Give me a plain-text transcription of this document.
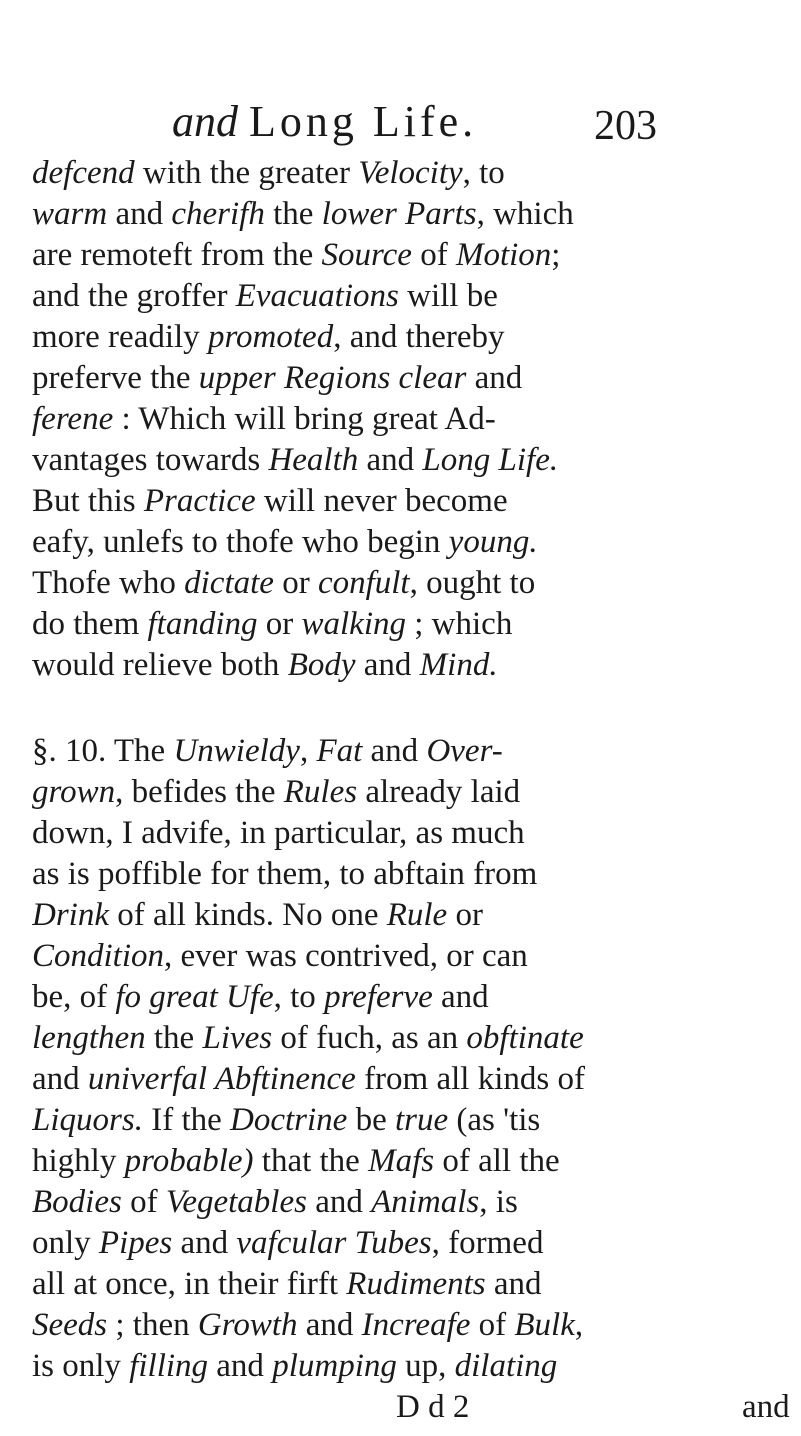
and Long Life.	203
defcend with the greater Velocity, to
warm and cherifh the lower Parts, which
are remoteft from the Source of Motion;
and the groffer Evacuations will be
more readily promoted, and thereby
preferve the upper Regions clear and
ferene : Which will bring great Ad-
vantages towards Health and Long Life.
But this Practice will never become
eafy, unlefs to thofe who begin young.
Thofe who dictate or confult, ought to
do them ftanding or walking ; which
would relieve both Body and Mind.
§. 10. The Unwieldy, Fat and Over-
grown, befides the Rules already laid
down, I advife, in particular, as much
as is poffible for them, to abftain from
Drink of all kinds. No one Rule or
Condition, ever was contrived, or can
be, of fo great Ufe, to preferve and
lengthen the Lives of fuch, as an obftinate
and univerfal Abftinence from all kinds of
Liquors. If the Doctrine be true (as 'tis
highly probable) that the Mafs of all the
Bodies of Vegetables and Animals, is
only Pipes and vafcular Tubes, formed
all at once, in their firft Rudiments and
Seeds ; then Growth and Increafe of Bulk,
is only filling and plumping up, dilating
D d 2	and
